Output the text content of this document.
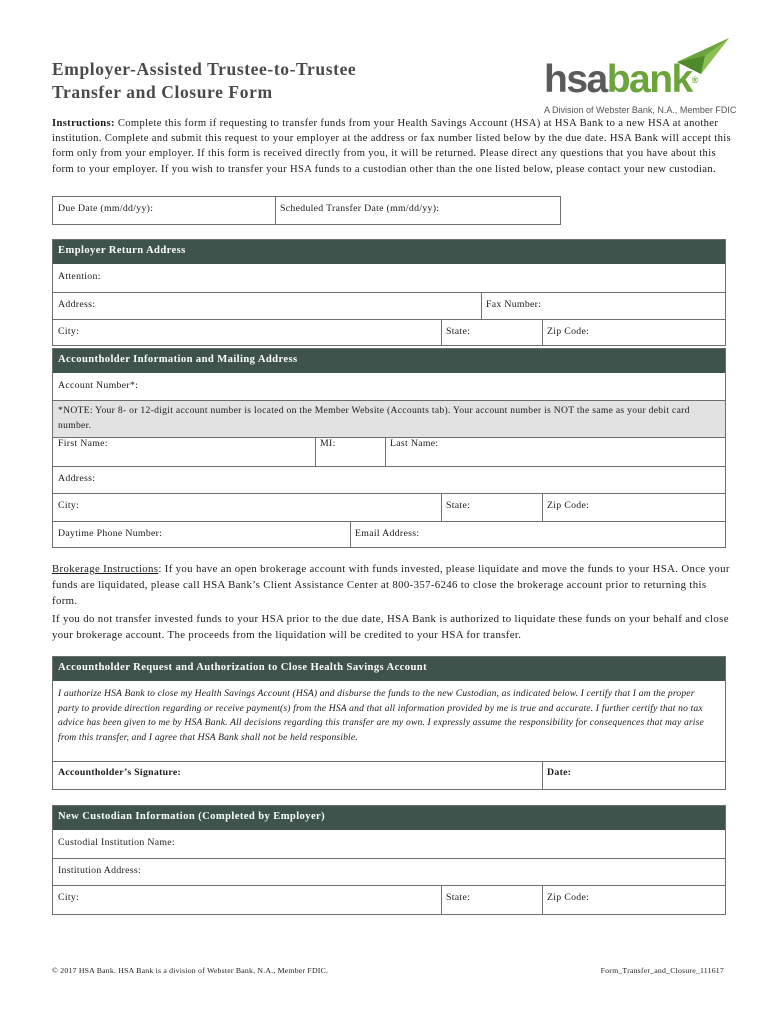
Employer-Assisted Trustee-to-Trustee
Transfer and Closure Form	hsabank®
A Division of Webster Bank, N.A., Member FDIC
Instructions: Complete this form if requesting to transfer funds from your Health Savings Account (HSA) at HSA Bank to a new HSA at another institution. Complete and submit this request to your employer at the address or fax number listed below by the due date. HSA Bank will accept this form only from your employer. If this form is received directly from you, it will be returned. Please direct any questions that you have about this form to your employer. If you wish to transfer your HSA funds to a custodian other than the one listed below, please contact your new custodian.
Due Date (mm/dd/yy):	Scheduled Transfer Date (mm/dd/yy):
Employer Return Address
Attention:
Address:	Fax Number:
City:	State:	Zip Code:
Accountholder Information and Mailing Address
Account Number*:
*NOTE: Your 8- or 12-digit account number is located on the Member Website (Accounts tab). Your account number is NOT the same as your debit card number.
First Name:	MI:	Last Name:
Address:
City:	State:	Zip Code:
Daytime Phone Number:	Email Address:
Brokerage Instructions: If you have an open brokerage account with funds invested, please liquidate and move the funds to your HSA. Once your funds are liquidated, please call HSA Bank’s Client Assistance Center at 800-357-6246 to close the brokerage account prior to returning this form.
If you do not transfer invested funds to your HSA prior to the due date, HSA Bank is authorized to liquidate these funds on your behalf and close your brokerage account. The proceeds from the liquidation will be credited to your HSA for transfer.
Accountholder Request and Authorization to Close Health Savings Account
I authorize HSA Bank to close my Health Savings Account (HSA) and disburse the funds to the new Custodian, as indicated below. I certify that I am the proper party to provide direction regarding or receive payment(s) from the HSA and that all information provided by me is true and accurate. I further certify that no tax advice has been given to me by HSA Bank. All decisions regarding this transfer are my own. I expressly assume the responsibility for consequences that may arise from this transfer, and I agree that HSA Bank shall not be held responsible.
Accountholder’s Signature:	Date:
New Custodian Information (Completed by Employer)
Custodial Institution Name:
Institution Address:
City:	State:	Zip Code:
© 2017 HSA Bank. HSA Bank is a division of Webster Bank, N.A., Member FDIC.	Form_Transfer_and_Closure_111617
